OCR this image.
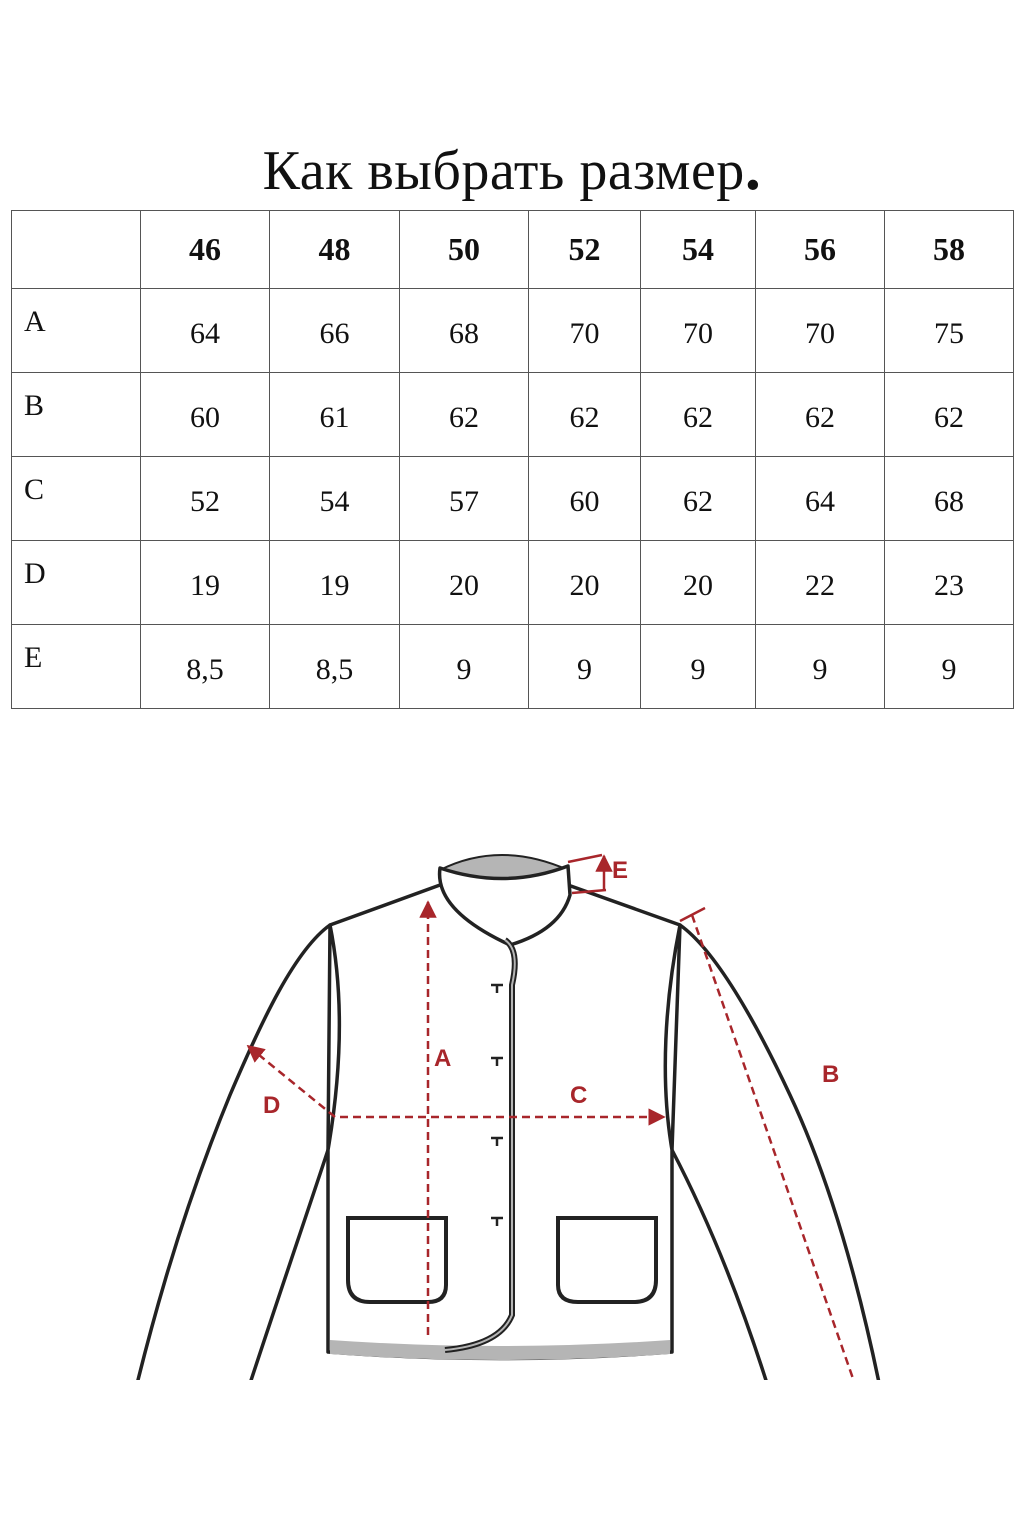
Как выбрать размер.
	46	48	50	52	54	56	58
A	64	66	68	70	70	70	75
B	60	61	62	62	62	62	62
C	52	54	57	60	62	64	68
D	19	19	20	20	20	22	23
E	8,5	8,5	9	9	9	9	9
A
B
C
D
E
